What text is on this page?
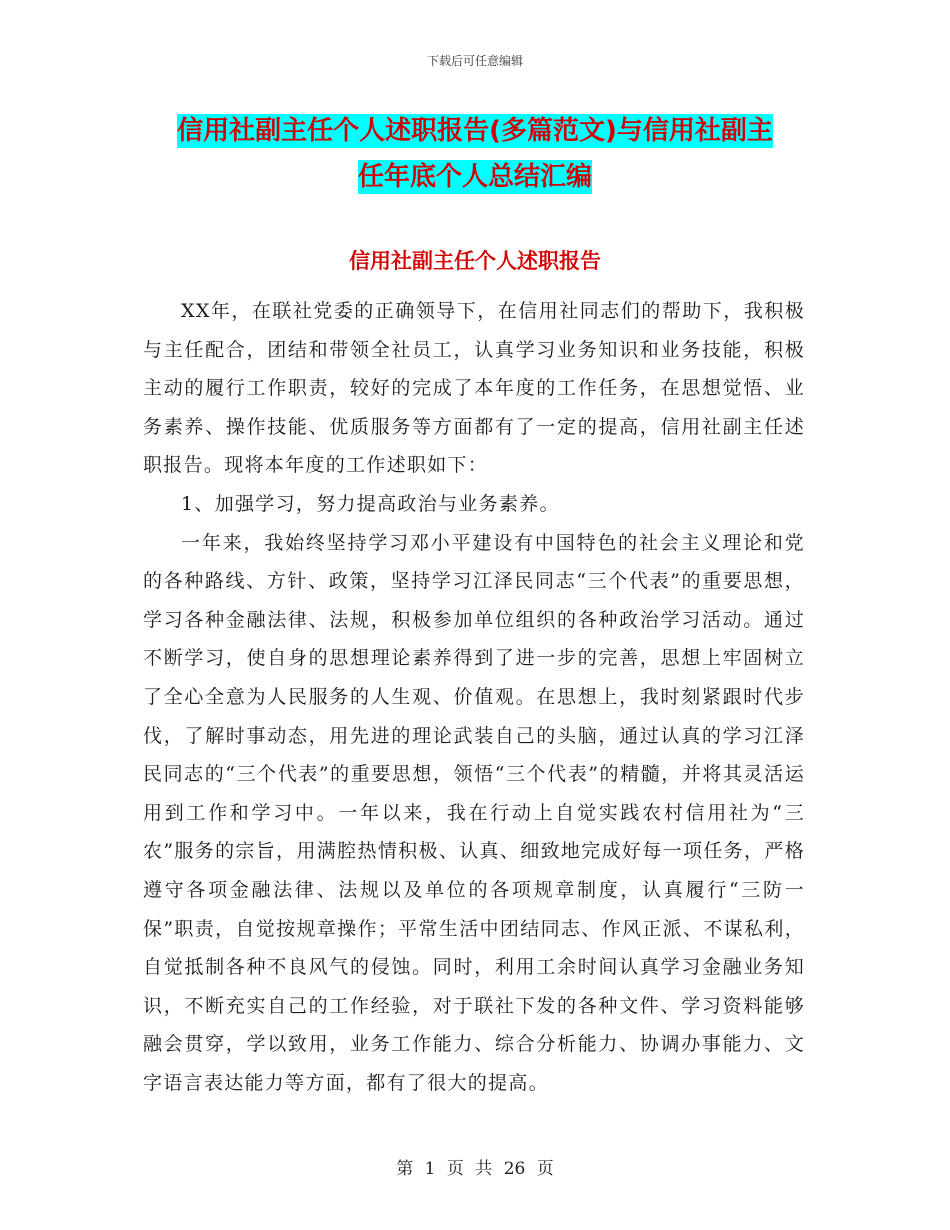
下载后可任意编辑
信用社副主任个人述职报告(多篇范文)与信用社副主
任年底个人总结汇编
信用社副主任个人述职报告

XX年，在联社党委的正确领导下，在信用社同志们的帮助下，我积极与主任配合，团结和带领全社员工，认真学习业务知识和业务技能，积极主动的履行工作职责，较好的完成了本年度的工作任务，在思想觉悟、业务素养、操作技能、优质服务等方面都有了一定的提高，信用社副主任述职报告。现将本年度的工作述职如下：

1、加强学习，努力提高政治与业务素养。

一年来，我始终坚持学习邓小平建设有中国特色的社会主义理论和党的各种路线、方针、政策，坚持学习江泽民同志“三个代表”的重要思想，学习各种金融法律、法规，积极参加单位组织的各种政治学习活动。通过不断学习，使自身的思想理论素养得到了进一步的完善，思想上牢固树立了全心全意为人民服务的人生观、价值观。在思想上，我时刻紧跟时代步伐，了解时事动态，用先进的理论武装自己的头脑，通过认真的学习江泽民同志的“三个代表”的重要思想，领悟“三个代表”的精髓，并将其灵活运用到工作和学习中。一年以来，我在行动上自觉实践农村信用社为“三农”服务的宗旨，用满腔热情积极、认真、细致地完成好每一项任务，严格遵守各项金融法律、法规以及单位的各项规章制度，认真履行“三防一保”职责，自觉按规章操作；平常生活中团结同志、作风正派、不谋私利，自觉抵制各种不良风气的侵蚀。同时，利用工余时间认真学习金融业务知识，不断充实自己的工作经验，对于联社下发的各种文件、学习资料能够融会贯穿，学以致用，业务工作能力、综合分析能力、协调办事能力、文字语言表达能力等方面，都有了很大的提高。

第 1 页 共 26 页
